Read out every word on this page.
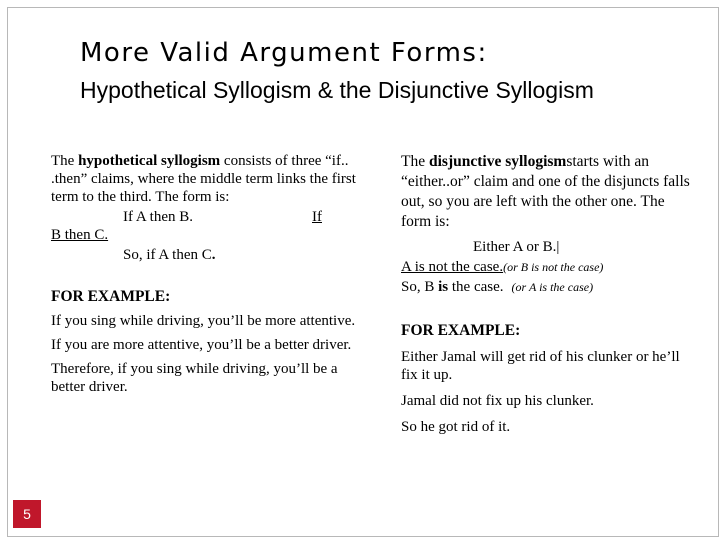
More Valid Argument Forms:
Hypothetical Syllogism & the Disjunctive Syllogism

The hypothetical syllogism consists of three “if.. .then” claims, where the middle term links the first term to the third. The form is:

If A then B.	If

B then C.

So, if A then C.

FOR EXAMPLE:

If you sing while driving, you’ll be more attentive.

If you are more attentive, you’ll be a better driver.

Therefore, if you sing while driving, you’ll be a better driver.

The disjunctive syllogismstarts with an “either..or” claim and one of the disjuncts falls out, so you are left with the other one. The form is:

Either A or B.|

A is not the case.(or B is not the case)

So, B is the case. (or A is the case)

FOR EXAMPLE:

Either Jamal will get rid of his clunker or he’ll fix it up.

Jamal did not fix up his clunker.

So he got rid of it.

5
